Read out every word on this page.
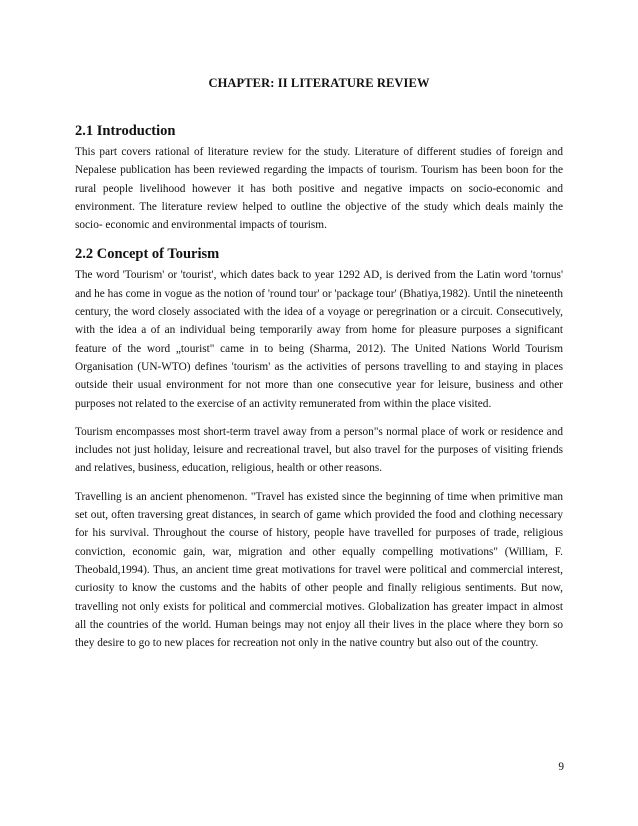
CHAPTER: II LITERATURE REVIEW
2.1 Introduction

This part covers rational of literature review for the study. Literature of different studies of foreign and Nepalese publication has been reviewed regarding the impacts of tourism. Tourism has been boon for the rural people livelihood however it has both positive and negative impacts on socio-economic and environment. The literature review helped to outline the objective of the study which deals mainly the socio- economic and environmental impacts of tourism.

2.2 Concept of Tourism

The word 'Tourism' or 'tourist', which dates back to year 1292 AD, is derived from the Latin word 'tornus' and he has come in vogue as the notion of 'round tour' or 'package tour' (Bhatiya,1982). Until the nineteenth century, the word closely associated with the idea of a voyage or peregrination or a circuit. Consecutively, with the idea a of an individual being temporarily away from home for pleasure purposes a significant feature of the word „tourist" came in to being (Sharma, 2012). The United Nations World Tourism Organisation (UN-WTO) defines 'tourism' as the activities of persons travelling to and staying in places outside their usual environment for not more than one consecutive year for leisure, business and other purposes not related to the exercise of an activity remunerated from within the place visited.

Tourism encompasses most short-term travel away from a person"s normal place of work or residence and includes not just holiday, leisure and recreational travel, but also travel for the purposes of visiting friends and relatives, business, education, religious, health or other reasons.

Travelling is an ancient phenomenon. "Travel has existed since the beginning of time when primitive man set out, often traversing great distances, in search of game which provided the food and clothing necessary for his survival. Throughout the course of history, people have travelled for purposes of trade, religious conviction, economic gain, war, migration and other equally compelling motivations" (William, F. Theobald,1994). Thus, an ancient time great motivations for travel were political and commercial interest, curiosity to know the customs and the habits of other people and finally religious sentiments. But now, travelling not only exists for political and commercial motives. Globalization has greater impact in almost all the countries of the world. Human beings may not enjoy all their lives in the place where they born so they desire to go to new places for recreation not only in the native country but also out of the country.

9
